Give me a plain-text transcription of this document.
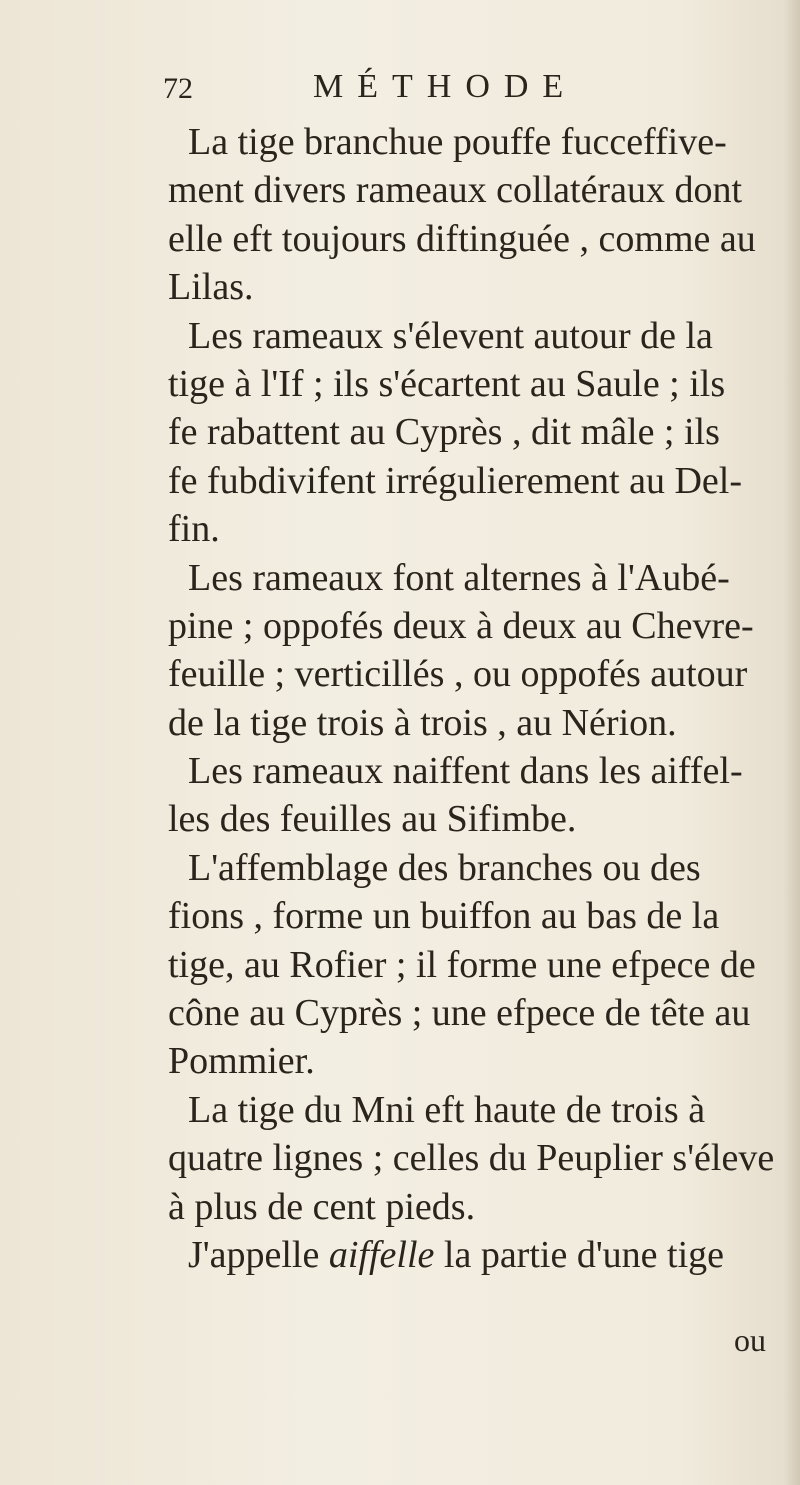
72	MÉTHODE
La tige branchue pouffe fucceffive-
ment divers rameaux collatéraux dont
elle eft toujours diftinguée , comme au
Lilas.
Les rameaux s'élevent autour de la
tige à l'If ; ils s'écartent au Saule ; ils
fe rabattent au Cyprès , dit mâle ; ils
fe fubdivifent irrégulierement au Del-
fin.
Les rameaux font alternes à l'Aubé-
pine ; oppofés deux à deux au Chevre-
feuille ; verticillés , ou oppofés autour
de la tige trois à trois , au Nérion.
Les rameaux naiffent dans les aiffel-
les des feuilles au Sifimbe.
L'affemblage des branches ou des
fions , forme un buiffon au bas de la
tige, au Rofier ; il forme une efpece de
cône au Cyprès ; une efpece de tête au
Pommier.
La tige du Mni eft haute de trois à
quatre lignes ; celles du Peuplier s'éleve
à plus de cent pieds.
J'appelle aiffelle la partie d'une tige
ou
